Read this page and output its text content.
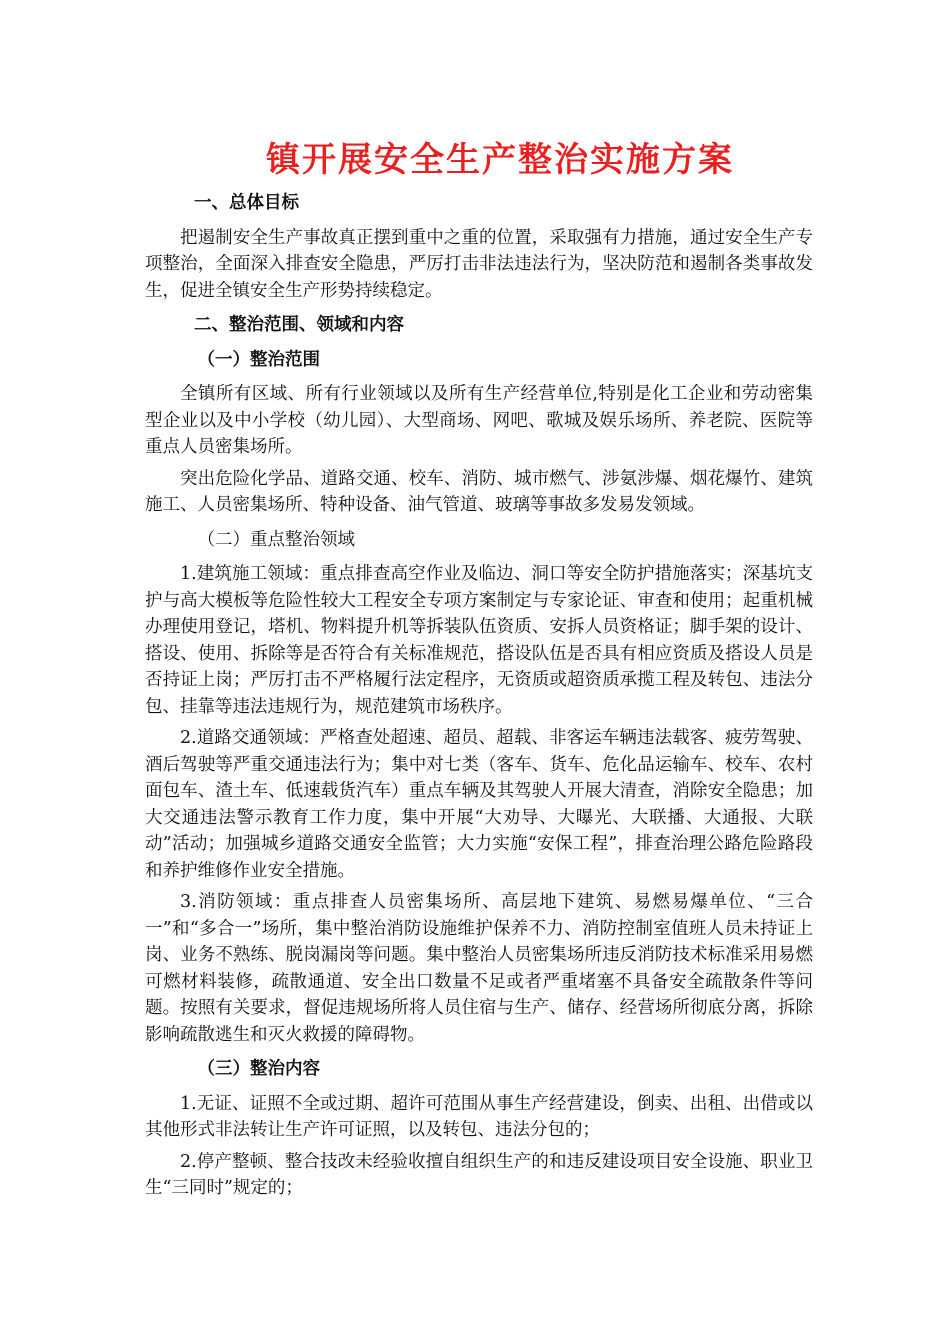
镇开展安全生产整治实施方案
一、总体目标

把遏制安全生产事故真正摆到重中之重的位置，采取强有力措施，通过安全生产专项整治，全面深入排查安全隐患，严厉打击非法违法行为，坚决防范和遏制各类事故发生，促进全镇安全生产形势持续稳定。

二、整治范围、领域和内容
（一）整治范围

全镇所有区域、所有行业领域以及所有生产经营单位,特别是化工企业和劳动密集型企业以及中小学校（幼儿园）、大型商场、网吧、歌城及娱乐场所、养老院、医院等重点人员密集场所。

突出危险化学品、道路交通、校车、消防、城市燃气、涉氨涉爆、烟花爆竹、建筑施工、人员密集场所、特种设备、油气管道、玻璃等事故多发易发领域。

（二）重点整治领域

1.建筑施工领域：重点排查高空作业及临边、洞口等安全防护措施落实；深基坑支护与高大模板等危险性较大工程安全专项方案制定与专家论证、审查和使用；起重机械办理使用登记，塔机、物料提升机等拆装队伍资质、安拆人员资格证；脚手架的设计、搭设、使用、拆除等是否符合有关标准规范，搭设队伍是否具有相应资质及搭设人员是否持证上岗；严厉打击不严格履行法定程序，无资质或超资质承揽工程及转包、违法分包、挂靠等违法违规行为，规范建筑市场秩序。

2.道路交通领域：严格查处超速、超员、超载、非客运车辆违法载客、疲劳驾驶、酒后驾驶等严重交通违法行为；集中对七类（客车、货车、危化品运输车、校车、农村面包车、渣土车、低速载货汽车）重点车辆及其驾驶人开展大清查，消除安全隐患；加大交通违法警示教育工作力度，集中开展“大劝导、大曝光、大联播、大通报、大联动”活动；加强城乡道路交通安全监管；大力实施“安保工程”，排查治理公路危险路段和养护维修作业安全措施。

3.消防领域：重点排查人员密集场所、高层地下建筑、易燃易爆单位、“三合一”和“多合一”场所，集中整治消防设施维护保养不力、消防控制室值班人员未持证上岗、业务不熟练、脱岗漏岗等问题。集中整治人员密集场所违反消防技术标准采用易燃可燃材料装修，疏散通道、安全出口数量不足或者严重堵塞不具备安全疏散条件等问题。按照有关要求，督促违规场所将人员住宿与生产、储存、经营场所彻底分离，拆除影响疏散逃生和灭火救援的障碍物。

（三）整治内容

1.无证、证照不全或过期、超许可范围从事生产经营建设，倒卖、出租、出借或以其他形式非法转让生产许可证照，以及转包、违法分包的；

2.停产整顿、整合技改未经验收擅自组织生产的和违反建设项目安全设施、职业卫生“三同时”规定的；
